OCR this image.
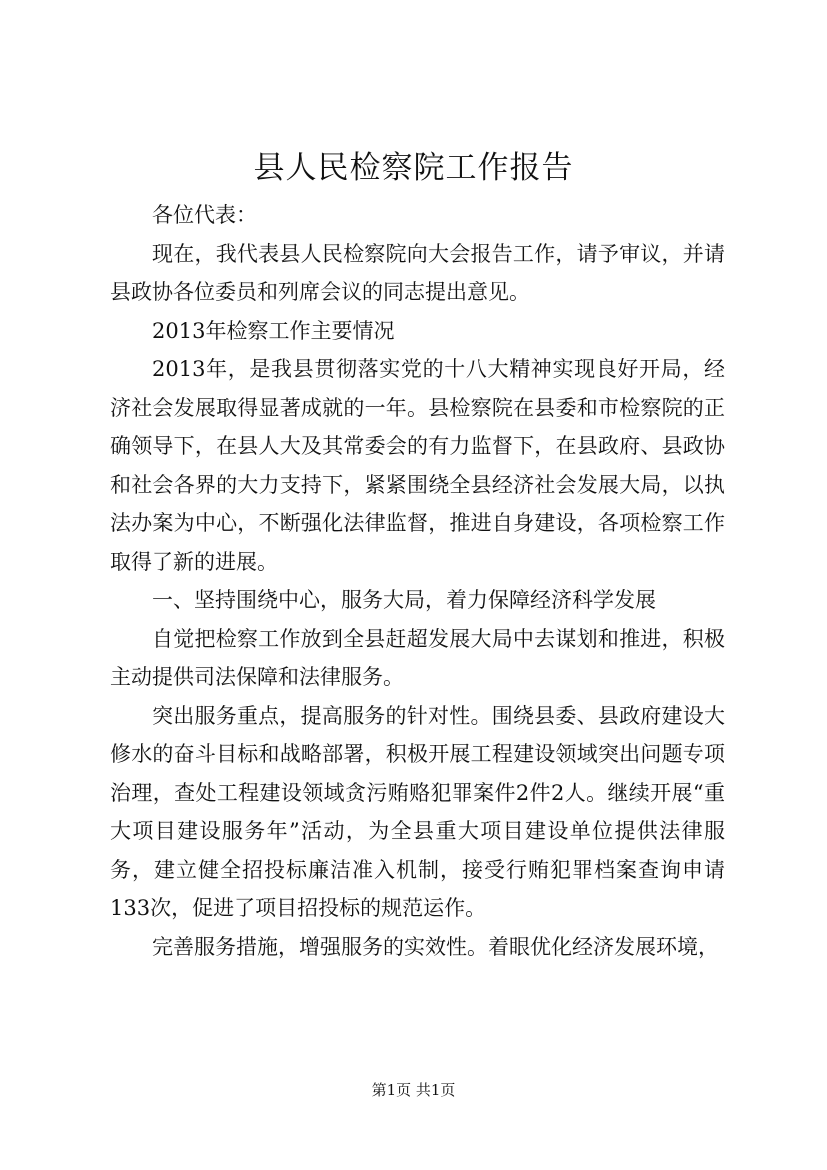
县人民检察院工作报告

各位代表：

现在，我代表县人民检察院向大会报告工作，请予审议，并请县政协各位委员和列席会议的同志提出意见。

2013年检察工作主要情况

2013年，是我县贯彻落实党的十八大精神实现良好开局，经济社会发展取得显著成就的一年。县检察院在县委和市检察院的正确领导下，在县人大及其常委会的有力监督下，在县政府、县政协和社会各界的大力支持下，紧紧围绕全县经济社会发展大局，以执法办案为中心，不断强化法律监督，推进自身建设，各项检察工作取得了新的进展。

一、坚持围绕中心，服务大局，着力保障经济科学发展

自觉把检察工作放到全县赶超发展大局中去谋划和推进，积极主动提供司法保障和法律服务。

突出服务重点，提高服务的针对性。围绕县委、县政府建设大修水的奋斗目标和战略部署，积极开展工程建设领域突出问题专项治理，查处工程建设领域贪污贿赂犯罪案件2件2人。继续开展“重大项目建设服务年”活动，为全县重大项目建设单位提供法律服务，建立健全招投标廉洁准入机制，接受行贿犯罪档案查询申请133次，促进了项目招投标的规范运作。

完善服务措施，增强服务的实效性。着眼优化经济发展环境，

第1页 共1页
